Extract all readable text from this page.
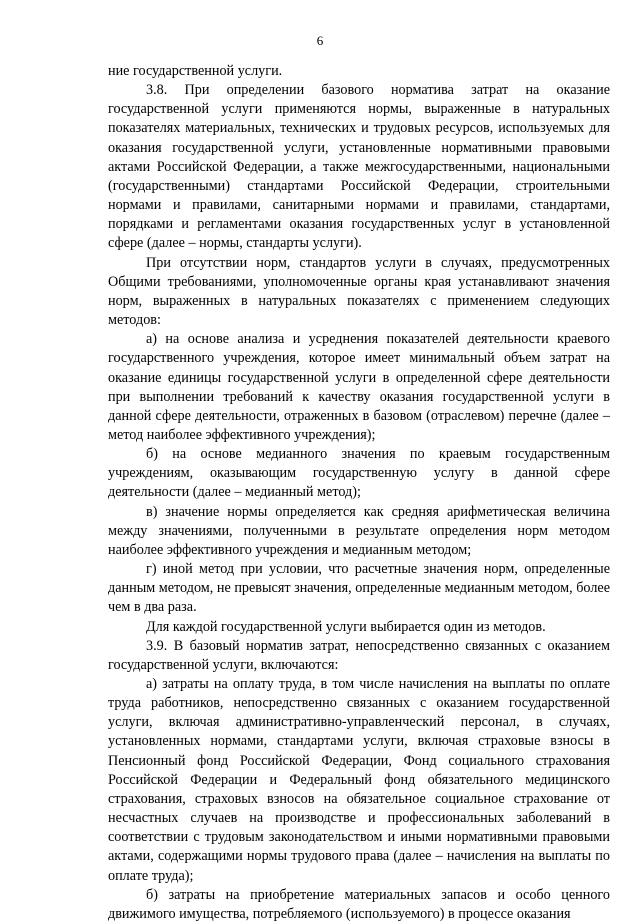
6

ние государственной услуги.

3.8. При определении базового норматива затрат на оказание государственной услуги применяются нормы, выраженные в натуральных показателях материальных, технических и трудовых ресурсов, используемых для оказания государственной услуги, установленные нормативными правовыми актами Российской Федерации, а также межгосударственными, национальными (государственными) стандартами Российской Федерации, строительными нормами и правилами, санитарными нормами и правилами, стандартами, порядками и регламентами оказания государственных услуг в установленной сфере (далее – нормы, стандарты услуги).

При отсутствии норм, стандартов услуги в случаях, предусмотренных Общими требованиями, уполномоченные органы края устанавливают значения норм, выраженных в натуральных показателях с применением следующих методов:

а) на основе анализа и усреднения показателей деятельности краевого государственного учреждения, которое имеет минимальный объем затрат на оказание единицы государственной услуги в определенной сфере деятельности при выполнении требований к качеству оказания государственной услуги в данной сфере деятельности, отраженных в базовом (отраслевом) перечне (далее – метод наиболее эффективного учреждения);

б) на основе медианного значения по краевым государственным учреждениям, оказывающим государственную услугу в данной сфере деятельности (далее – медианный метод);

в) значение нормы определяется как средняя арифметическая величина между значениями, полученными в результате определения норм методом наиболее эффективного учреждения и медианным методом;

г) иной метод при условии, что расчетные значения норм, определенные данным методом, не превысят значения, определенные медианным методом, более чем в два раза.

Для каждой государственной услуги выбирается один из методов.

3.9. В базовый норматив затрат, непосредственно связанных с оказанием государственной услуги, включаются:

а) затраты на оплату труда, в том числе начисления на выплаты по оплате труда работников, непосредственно связанных с оказанием государственной услуги, включая административно-управленческий персонал, в случаях, установленных нормами, стандартами услуги, включая страховые взносы в Пенсионный фонд Российской Федерации, Фонд социального страхования Российской Федерации и Федеральный фонд обязательного медицинского страхования, страховых взносов на обязательное социальное страхование от несчастных случаев на производстве и профессиональных заболеваний в соответствии с трудовым законодательством и иными нормативными правовыми актами, содержащими нормы трудового права (далее – начисления на выплаты по оплате труда);

б) затраты на приобретение материальных запасов и особо ценного движимого имущества, потребляемого (используемого) в процессе оказания
